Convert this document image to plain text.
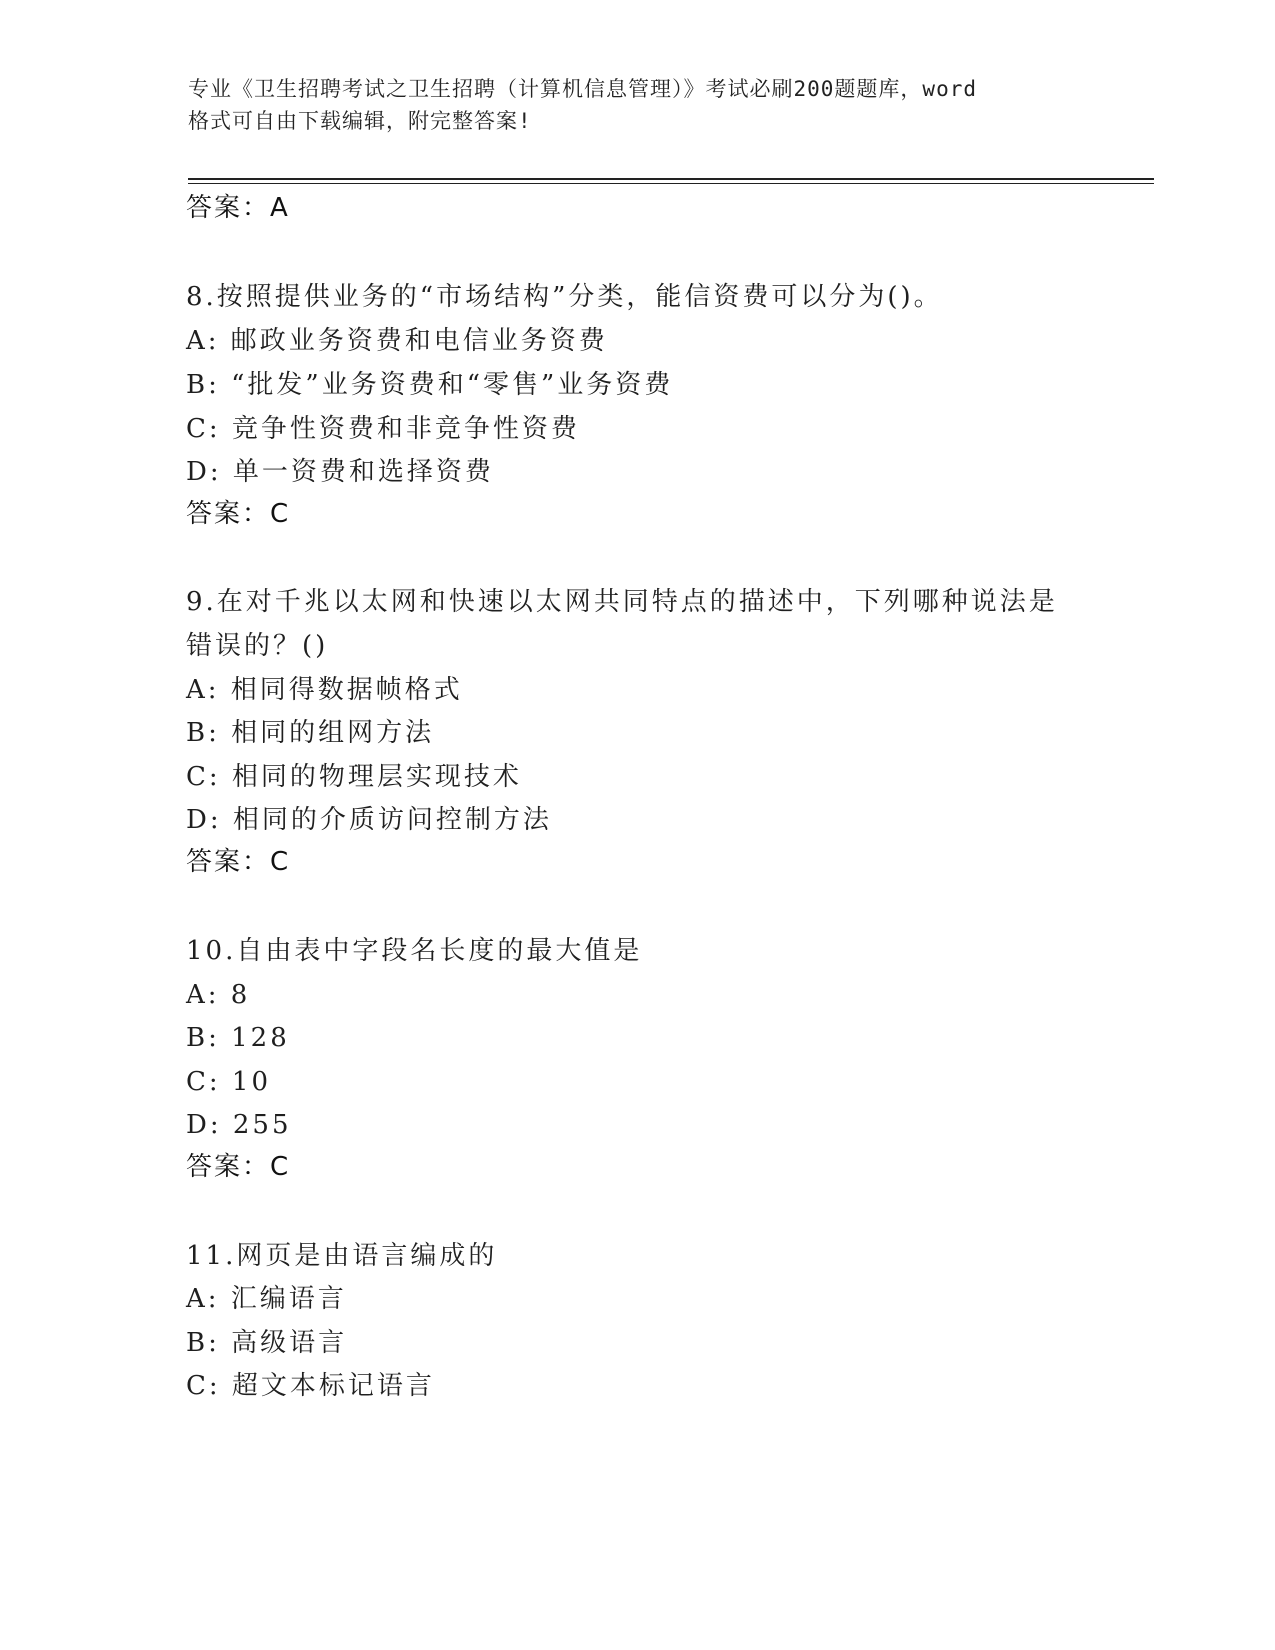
专业《卫生招聘考试之卫生招聘（计算机信息管理）》考试必刷200题题库，word
格式可自由下载编辑，附完整答案!
答案：A
8.按照提供业务的“市场结构”分类，能信资费可以分为()。
A: 邮政业务资费和电信业务资费
B: “批发”业务资费和“零售”业务资费
C: 竞争性资费和非竞争性资费
D: 单一资费和选择资费
答案：C
9.在对千兆以太网和快速以太网共同特点的描述中，下列哪种说法是
错误的？()
A: 相同得数据帧格式
B: 相同的组网方法
C: 相同的物理层实现技术
D: 相同的介质访问控制方法
答案：C
10.自由表中字段名长度的最大值是
A: 8
B: 128
C: 10
D: 255
答案：C
11.网页是由语言编成的
A: 汇编语言
B: 高级语言
C: 超文本标记语言
